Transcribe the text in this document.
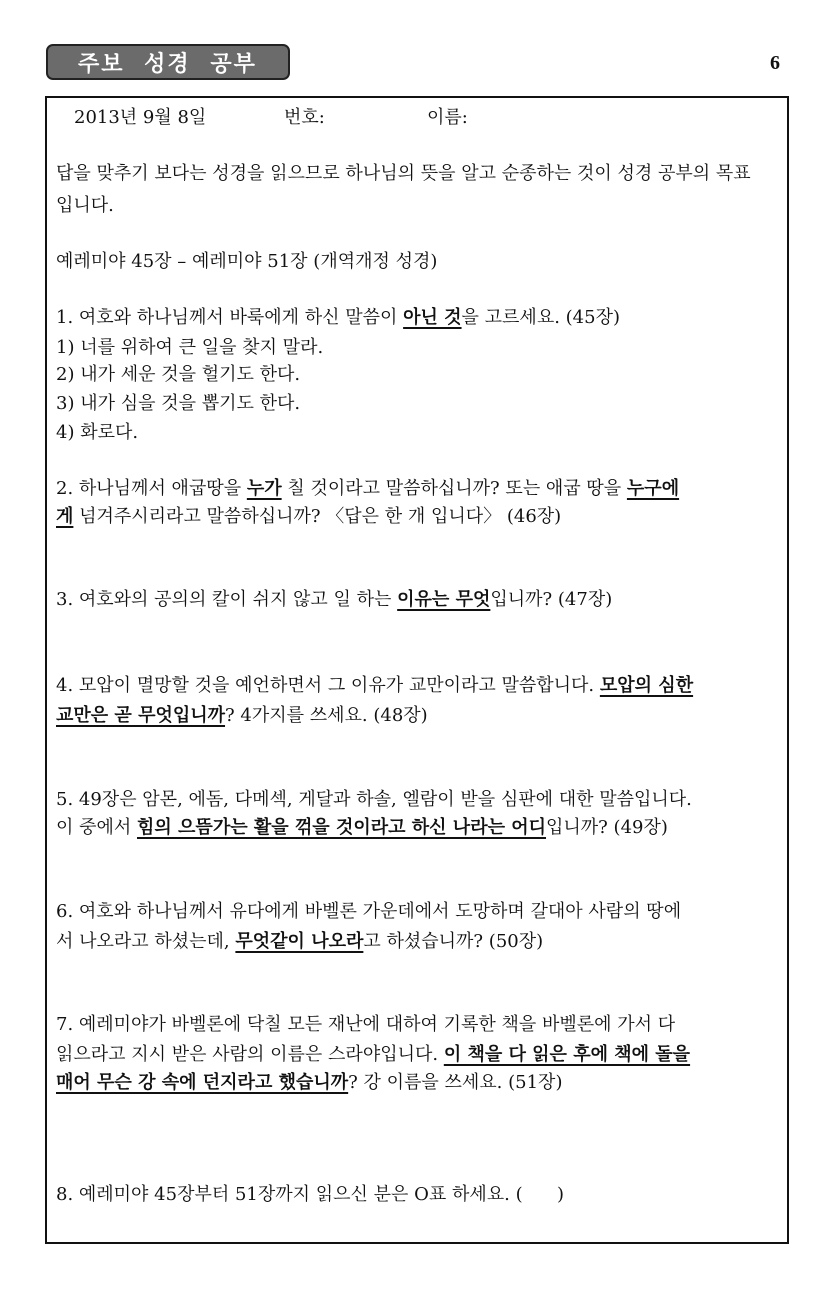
주보 성경 공부	6
2013년 9월 8일	번호:	이름:
답을 맞추기 보다는 성경을 읽으므로 하나님의 뜻을 알고 순종하는 것이 성경 공부의 목표
입니다.
예레미야 45장 – 예레미야 51장 (개역개정 성경)
1. 여호와 하나님께서 바룩에게 하신 말씀이 아닌 것을 고르세요. (45장)
1) 너를 위하여 큰 일을 찾지 말라.
2) 내가 세운 것을 헐기도 한다.
3) 내가 심을 것을 뽑기도 한다.
4) 화로다.
2. 하나님께서 애굽땅을 누가 칠 것이라고 말씀하십니까? 또는 애굽 땅을 누구에
게 넘겨주시리라고 말씀하십니까? 〈답은 한 개 입니다〉 (46장)
3. 여호와의 공의의 칼이 쉬지 않고 일 하는 이유는 무엇입니까? (47장)
4. 모압이 멸망할 것을 예언하면서 그 이유가 교만이라고 말씀합니다. 모압의 심한
교만은 곧 무엇입니까? 4가지를 쓰세요. (48장)
5. 49장은 암몬, 에돔, 다메섹, 게달과 하솔, 엘람이 받을 심판에 대한 말씀입니다.
이 중에서 힘의 으뜸가는 활을 꺾을 것이라고 하신 나라는 어디입니까? (49장)
6. 여호와 하나님께서 유다에게 바벨론 가운데에서 도망하며 갈대아 사람의 땅에
서 나오라고 하셨는데, 무엇같이 나오라고 하셨습니까? (50장)
7. 예레미야가 바벨론에 닥칠 모든 재난에 대하여 기록한 책을 바벨론에 가서 다
읽으라고 지시 받은 사람의 이름은 스라야입니다. 이 책을 다 읽은 후에 책에 돌을
매어 무슨 강 속에 던지라고 했습니까? 강 이름을 쓰세요. (51장)
8. 예레미야 45장부터 51장까지 읽으신 분은 O표 하세요. (      )
